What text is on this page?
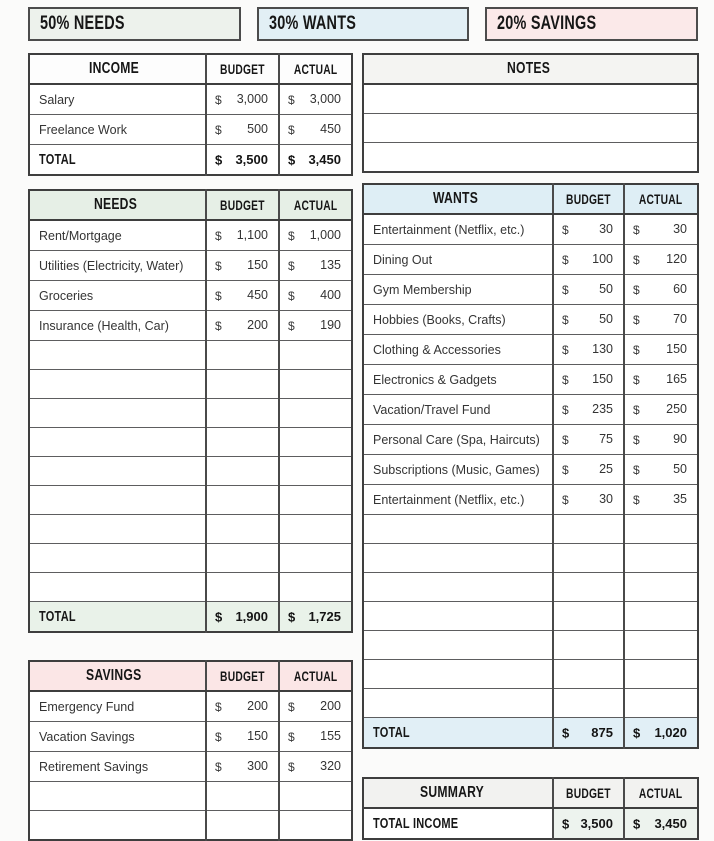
50% NEEDS	30% WANTS	20% SAVINGS
INCOME	BUDGET	ACTUAL
Salary	$ 3,000	$ 3,000

Freelance Work	$ 500	$ 450

TOTAL	$ 3,500	$ 3,450
NEEDS	BUDGET	ACTUAL
Rent/Mortgage	$ 1,100	$ 1,000

Utilities (Electricity, Water)	$ 150	$ 135

Groceries	$ 450	$ 400

Insurance (Health, Car)	$ 200	$ 190

TOTAL	$ 1,900	$ 1,725
SAVINGS	BUDGET	ACTUAL
Emergency Fund	$ 200	$ 200

Vacation Savings	$ 150	$ 155

Retirement Savings	$ 300	$ 320

NOTES

WANTS	BUDGET	ACTUAL
Entertainment (Netflix, etc.)	$ 30	$ 30

Dining Out	$ 100	$ 120

Gym Membership	$ 50	$ 60

Hobbies (Books, Crafts)	$ 50	$ 70

Clothing & Accessories	$ 130	$ 150

Electronics & Gadgets	$ 150	$ 165

Vacation/Travel Fund	$ 235	$ 250

Personal Care (Spa, Haircuts)	$ 75	$ 90

Subscriptions (Music, Games)	$ 25	$ 50

Entertainment (Netflix, etc.)	$ 30	$ 35

TOTAL	$ 875	$ 1,020
SUMMARY	BUDGET	ACTUAL
TOTAL INCOME	$ 3,500	$ 3,450
